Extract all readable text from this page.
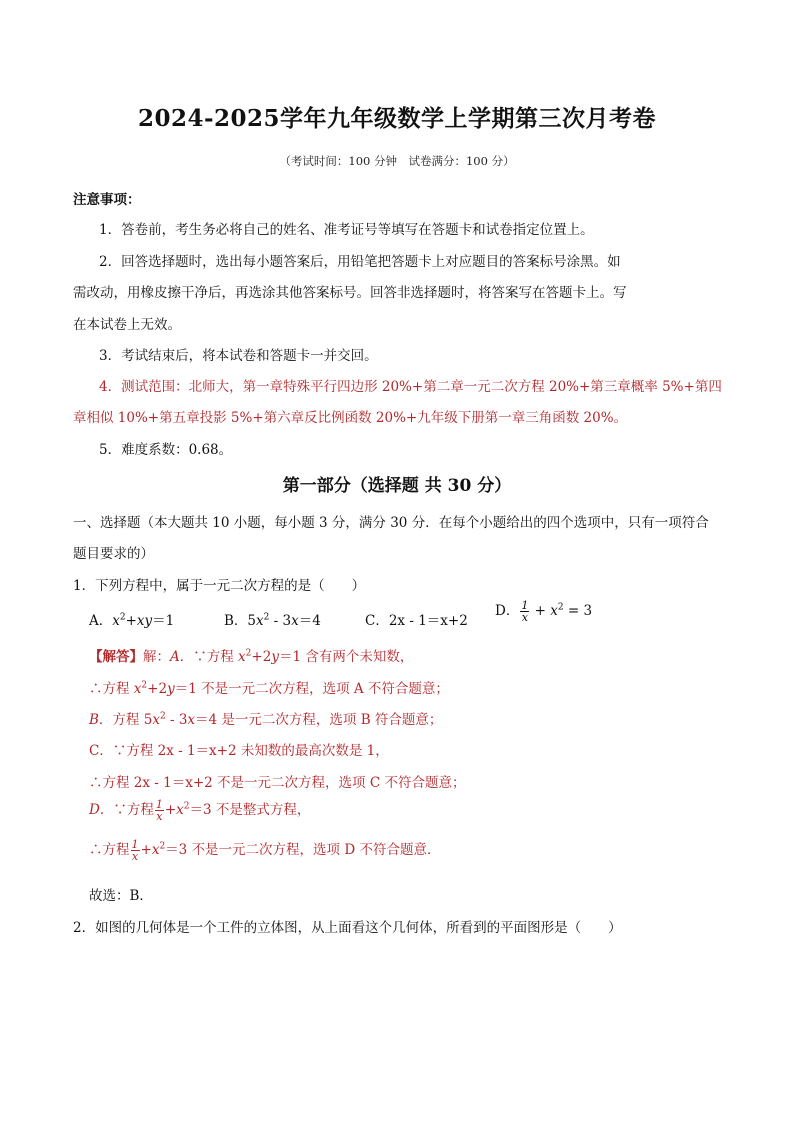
2024-2025学年九年级数学上学期第三次月考卷
（考试时间：100 分钟　试卷满分：100 分）
注意事项：
1．答卷前，考生务必将自己的姓名、准考证号等填写在答题卡和试卷指定位置上。
2．回答选择题时，选出每小题答案后，用铅笔把答题卡上对应题目的答案标号涂黑。如
需改动，用橡皮擦干净后，再选涂其他答案标号。回答非选择题时，将答案写在答题卡上。写
在本试卷上无效。
3．考试结束后，将本试卷和答题卡一并交回。
4．测试范围：北师大，第一章特殊平行四边形 20%+第二章一元二次方程 20%+第三章概率 5%+第四
章相似 10%+第五章投影 5%+第六章反比例函数 20%+九年级下册第一章三角函数 20%。
5．难度系数：0.68。
第一部分（选择题 共 30 分）
一、选择题（本大题共 10 小题，每小题 3 分，满分 30 分．在每个小题给出的四个选项中，只有一项符合
题目要求的）
1．下列方程中，属于一元二次方程的是（　　）
A．$x^2+xy=1$	B．$5x^2 - 3x=4$	C．2x - 1＝x+2
D． $\frac{1}{x} + x^2 = 3$
【解答】解：A．∵方程 $x^2+2y=1$ 含有两个未知数，
∴方程 $x^2+2y=1$ 不是一元二次方程，选项 A 不符合题意；
B．方程 $5x^2 - 3x=4$ 是一元二次方程，选项 B 符合题意；
C．∵方程 2x - 1＝x+2 未知数的最高次数是 1，
∴方程 2x - 1＝x+2 不是一元二次方程，选项 C 不符合题意；
D．∵方程 $\frac{1}{x} +x^2=3$ 不是整式方程，
∴方程 $\frac{1}{x} +x^2=3$ 不是一元二次方程，选项 D 不符合题意．
故选：B．
2．如图的几何体是一个工件的立体图，从上面看这个几何体，所看到的平面图形是（　　）
